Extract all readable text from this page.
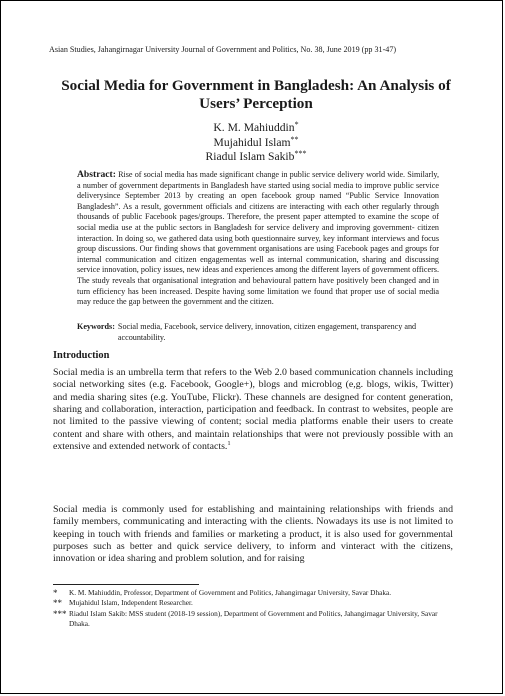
Asian Studies, Jahangirnagar University Journal of Government and Politics, No. 38, June 2019 (pp 31-47)
Social Media for Government in Bangladesh: An Analysis of
Users’ Perception
K. M. Mahiuddin*
Mujahidul Islam**
Riadul Islam Sakib***
Abstract: Rise of social media has made significant change in public service delivery world wide. Similarly, a number of government departments in Bangladesh have started using social media to improve public service deliverysince September 2013 by creating an open facebook group named “Public Service Innovation Bangladesh”. As a result, government officials and citizens are interacting with each other regularly through thousands of public Facebook pages/groups. Therefore, the present paper attempted to examine the scope of social media use at the public sectors in Bangladesh for service delivery and improving government- citizen interaction. In doing so, we gathered data using both questionnaire survey, key informant interviews and focus group discussions. Our finding shows that government organisations are using Facebook pages and groups for internal communication and citizen engagementas well as internal communication, sharing and discussing service innovation, policy issues, new ideas and experiences among the different layers of government officers. The study reveals that organisational integration and behavioural pattern have positively been changed and in turn efficiency has been increased. Despite having some limitation we found that proper use of social media may reduce the gap between the government and the citizen.
Keywords: Social media, Facebook, service delivery, innovation, citizen engagement, transparency and accountability.
Introduction
Social media is an umbrella term that refers to the Web 2.0 based communication channels including social networking sites (e.g. Facebook, Google+), blogs and microblog (e,g. blogs, wikis, Twitter) and media sharing sites (e.g. YouTube, Flickr). These channels are designed for content generation, sharing and collaboration, interaction, participation and feedback. In contrast to websites, people are not limited to the passive viewing of content; social media platforms enable their users to create content and share with others, and maintain relationships that were not previously possible with an extensive and extended network of contacts.$^1$
Social media is commonly used for establishing and maintaining relationships with friends and family members, communicating and interacting with the clients. Nowadays its use is not limited to keeping in touch with friends and families or marketing a product, it is also used for governmental purposes such as better and quick service delivery, to inform and vinteract with the citizens, innovation or idea sharing and problem solution, and for raising
*	K. M. Mahiuddin, Professor, Department of Government and Politics, Jahangirnagar University, Savar Dhaka.
** Mujahidul Islam, Independent Researcher.
*** Riadul Islam Sakib: MSS student (2018-19 session), Department of Government and Politics, Jahangirnagar University, Savar Dhaka.
